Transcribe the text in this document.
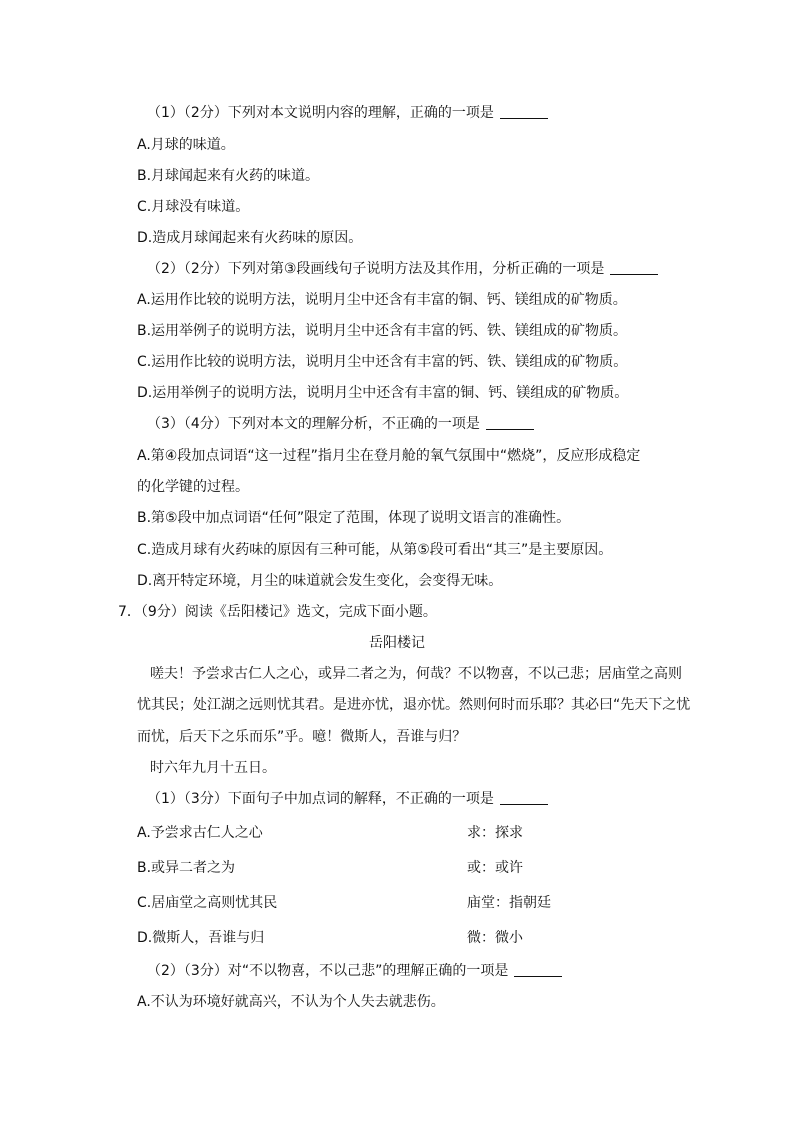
（1）（2分）下列对本文说明内容的理解，正确的一项是
A.月球的味道。
B.月球闻起来有火药的味道。
C.月球没有味道。
D.造成月球闻起来有火药味的原因。
（2）（2分）下列对第③段画线句子说明方法及其作用，分析正确的一项是
A.运用作比较的说明方法，说明月尘中还含有丰富的铜、钙、镁组成的矿物质。
B.运用举例子的说明方法，说明月尘中还含有丰富的钙、铁、镁组成的矿物质。
C.运用作比较的说明方法，说明月尘中还含有丰富的钙、铁、镁组成的矿物质。
D.运用举例子的说明方法，说明月尘中还含有丰富的铜、钙、镁组成的矿物质。
（3）（4分）下列对本文的理解分析，不正确的一项是
A.第④段加点词语“这一过程”指月尘在登月舱的氧气氛围中“燃烧”，反应形成稳定
的化学键的过程。
B.第⑤段中加点词语“任何”限定了范围，体现了说明文语言的准确性。
C.造成月球有火药味的原因有三种可能，从第⑤段可看出“其三”是主要原因。
D.离开特定环境，月尘的味道就会发生变化，会变得无味。
7．（9分）阅读《岳阳楼记》选文，完成下面小题。
岳阳楼记
嗟夫！予尝求古仁人之心，或异二者之为，何哉？不以物喜，不以己悲；居庙堂之高则
忧其民；处江湖之远则忧其君。是进亦忧，退亦忧。然则何时而乐耶？其必曰“先天下之忧
而忧，后天下之乐而乐”乎。噫！微斯人，吾谁与归？
时六年九月十五日。
（1）（3分）下面句子中加点词的解释，不正确的一项是
A.予尝求古仁人之心	求：探求
B.或异二者之为	或：或许
C.居庙堂之高则忧其民	庙堂：指朝廷
D.微斯人，吾谁与归	微：微小
（2）（3分）对“不以物喜，不以己悲”的理解正确的一项是
A.不认为环境好就高兴，不认为个人失去就悲伤。
